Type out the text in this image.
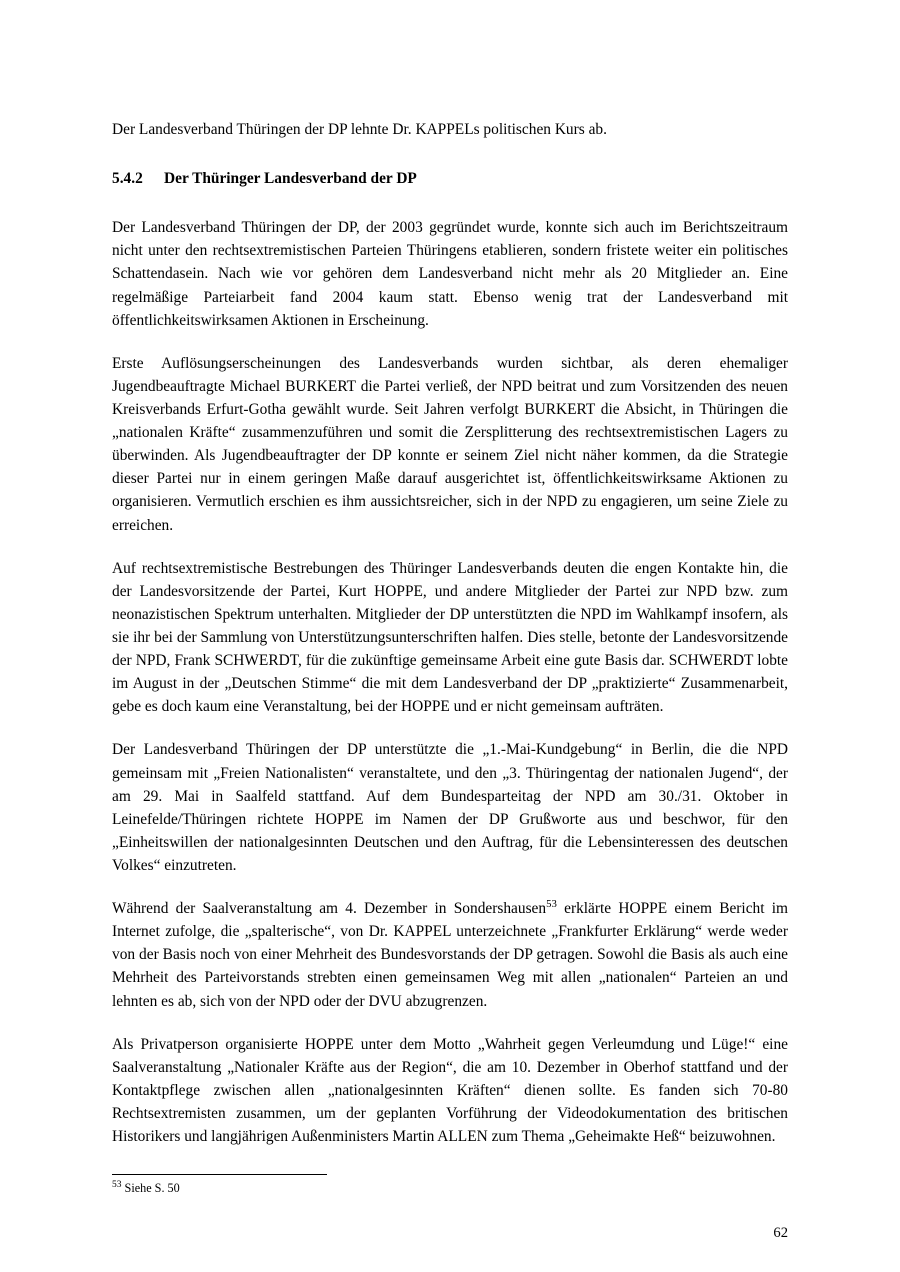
Der Landesverband Thüringen der DP lehnte Dr. KAPPELs politischen Kurs ab.

5.4.2 Der Thüringer Landesverband der DP

Der Landesverband Thüringen der DP, der 2003 gegründet wurde, konnte sich auch im Berichtszeitraum nicht unter den rechtsextremistischen Parteien Thüringens etablieren, sondern fristete weiter ein politisches Schattendasein. Nach wie vor gehören dem Landesverband nicht mehr als 20 Mitglieder an. Eine regelmäßige Parteiarbeit fand 2004 kaum statt. Ebenso wenig trat der Landesverband mit öffentlichkeitswirksamen Aktionen in Erscheinung.

Erste Auflösungserscheinungen des Landesverbands wurden sichtbar, als deren ehemaliger Jugendbeauftragte Michael BURKERT die Partei verließ, der NPD beitrat und zum Vorsitzenden des neuen Kreisverbands Erfurt-Gotha gewählt wurde. Seit Jahren verfolgt BURKERT die Absicht, in Thüringen die „nationalen Kräfte“ zusammenzuführen und somit die Zersplitterung des rechtsextremistischen Lagers zu überwinden. Als Jugendbeauftragter der DP konnte er seinem Ziel nicht näher kommen, da die Strategie dieser Partei nur in einem geringen Maße darauf ausgerichtet ist, öffentlichkeitswirksame Aktionen zu organisieren. Vermutlich erschien es ihm aussichtsreicher, sich in der NPD zu engagieren, um seine Ziele zu erreichen.

Auf rechtsextremistische Bestrebungen des Thüringer Landesverbands deuten die engen Kontakte hin, die der Landesvorsitzende der Partei, Kurt HOPPE, und andere Mitglieder der Partei zur NPD bzw. zum neonazistischen Spektrum unterhalten. Mitglieder der DP unterstützten die NPD im Wahlkampf insofern, als sie ihr bei der Sammlung von Unterstützungsunterschriften halfen. Dies stelle, betonte der Landesvorsitzende der NPD, Frank SCHWERDT, für die zukünftige gemeinsame Arbeit eine gute Basis dar. SCHWERDT lobte im August in der „Deutschen Stimme“ die mit dem Landesverband der DP „praktizierte“ Zusammenarbeit, gebe es doch kaum eine Veranstaltung, bei der HOPPE und er nicht gemeinsam aufträten.

Der Landesverband Thüringen der DP unterstützte die „1.-Mai-Kundgebung“ in Berlin, die die NPD gemeinsam mit „Freien Nationalisten“ veranstaltete, und den „3. Thüringentag der nationalen Jugend“, der am 29. Mai in Saalfeld stattfand. Auf dem Bundesparteitag der NPD am 30./31. Oktober in Leinefelde/Thüringen richtete HOPPE im Namen der DP Grußworte aus und beschwor, für den „Einheitswillen der nationalgesinnten Deutschen und den Auftrag, für die Lebensinteressen des deutschen Volkes“ einzutreten.

Während der Saalveranstaltung am 4. Dezember in Sondershausen$^{53}$ erklärte HOPPE einem Bericht im Internet zufolge, die „spalterische“, von Dr. KAPPEL unterzeichnete „Frankfurter Erklärung“ werde weder von der Basis noch von einer Mehrheit des Bundesvorstands der DP getragen. Sowohl die Basis als auch eine Mehrheit des Parteivorstands strebten einen gemeinsamen Weg mit allen „nationalen“ Parteien an und lehnten es ab, sich von der NPD oder der DVU abzugrenzen.

Als Privatperson organisierte HOPPE unter dem Motto „Wahrheit gegen Verleumdung und Lüge!“ eine Saalveranstaltung „Nationaler Kräfte aus der Region“, die am 10. Dezember in Oberhof stattfand und der Kontaktpflege zwischen allen „nationalgesinnten Kräften“ dienen sollte. Es fanden sich 70-80 Rechtsextremisten zusammen, um der geplanten Vorführung der Videodokumentation des britischen Historikers und langjährigen Außenministers Martin ALLEN zum Thema „Geheimakte Heß“ beizuwohnen.

$^{53}$ Siehe S. 50
62
